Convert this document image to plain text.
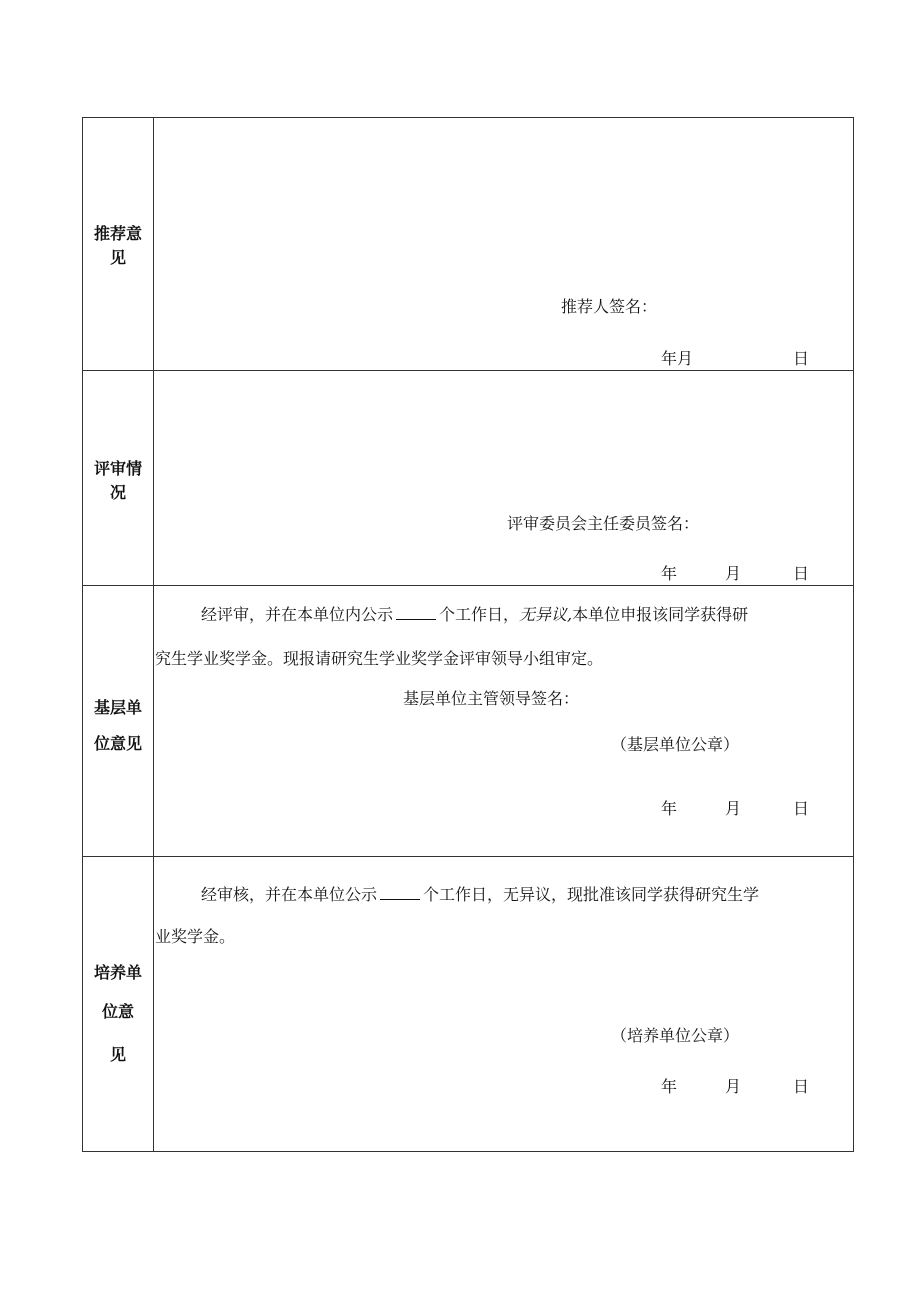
推荐意
见
推荐人签名：
年 月	日
评审情
况
评审委员会主任委员签名：
年	月	日
基层单
位意见
经评审，并在本单位内公示	个工作日，无异议,本单位申报该同学获得研
究生学业奖学金。现报请研究生学业奖学金评审领导小组审定。
基层单位主管领导签名：
（基层单位公章）
年	月	日
培养单
位意
见
经审核，并在本单位公示	个工作日，无异议，现批准该同学获得研究生学
业奖学金。
（培养单位公章）
年	月	日
